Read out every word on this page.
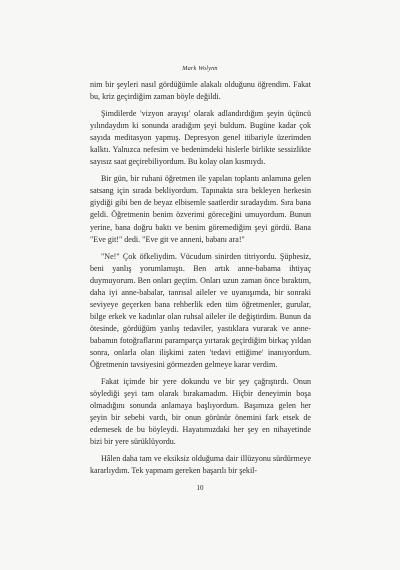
Mark Wolynn

nim bir şeyleri nasıl gördüğümle alakalı olduğunu öğrendim. Fakat bu, kriz geçirdiğim zaman böyle değildi.

Şimdilerde 'vizyon arayışı' olarak adlandırdığım şeyin üçüncü yılındaydım ki sonunda aradığım şeyi buldum. Bugüne kadar çok sayıda meditasyon yapmış. Depresyon genel itibariyle üzerimden kalktı. Yalnızca nefesim ve bedenimdeki hislerle birlikte sessizlikte sayısız saat geçirebiliyordum. Bu kolay olan kısmıydı.

Bir gün, bir ruhani öğretmen ile yapılan toplantı anlamına gelen satsang için sırada bekliyordum. Tapınakta sıra bekleyen herkesin giydiği gibi ben de beyaz elbisemle saatlerdir sıradaydım. Sıra bana geldi. Öğretmenin benim özverimi göreceğini umuyordum. Bunun yerine, bana doğru baktı ve benim göremediğim şeyi gördü. Bana "Eve git!" dedi. "Eve git ve anneni, babanı ara!"

"Ne!" Çok öfkeliydim. Vücudum sinirden titriyordu. Şüphesiz, beni yanlış yorumlamıştı. Ben artık anne-babama ihtiyaç duymuyorum. Ben onları geçtim. Onları uzun zaman önce bıraktım, daha iyi anne-babalar, tanrısal aileler ve uyanışımda, bir sonraki seviyeye geçerken bana rehberlik eden tüm öğretmenler, gurular, bilge erkek ve kadınlar olan ruhsal aileler ile değiştirdim. Bunun da ötesinde, gördüğüm yanlış tedaviler, yastıklara vurarak ve anne-babamın fotoğraflarını paramparça yırtarak geçirdiğim birkaç yıldan sonra, onlarla olan ilişkimi zaten 'tedavi ettiğime' inanıyordum. Öğretmenin tavsiyesini görmezden gelmeye karar verdim.

Fakat içimde bir yere dokundu ve bir şey çağrıştırdı. Onun söylediği şeyi tam olarak bırakamadım. Hiçbir deneyimin boşa olmadığını sonunda anlamaya başlıyordum. Başımıza gelen her şeyin bir sebebi vardı, bir onun görünür önemini fark etsek de edemesek de bu böyleydi. Hayatımızdaki her şey en nihayetinde bizi bir yere sürüklüyordu.

Hâlen daha tam ve eksiksiz olduğuma dair illüzyonu sürdürmeye kararlıydım. Tek yapmam gereken başarılı bir şekil-

10
